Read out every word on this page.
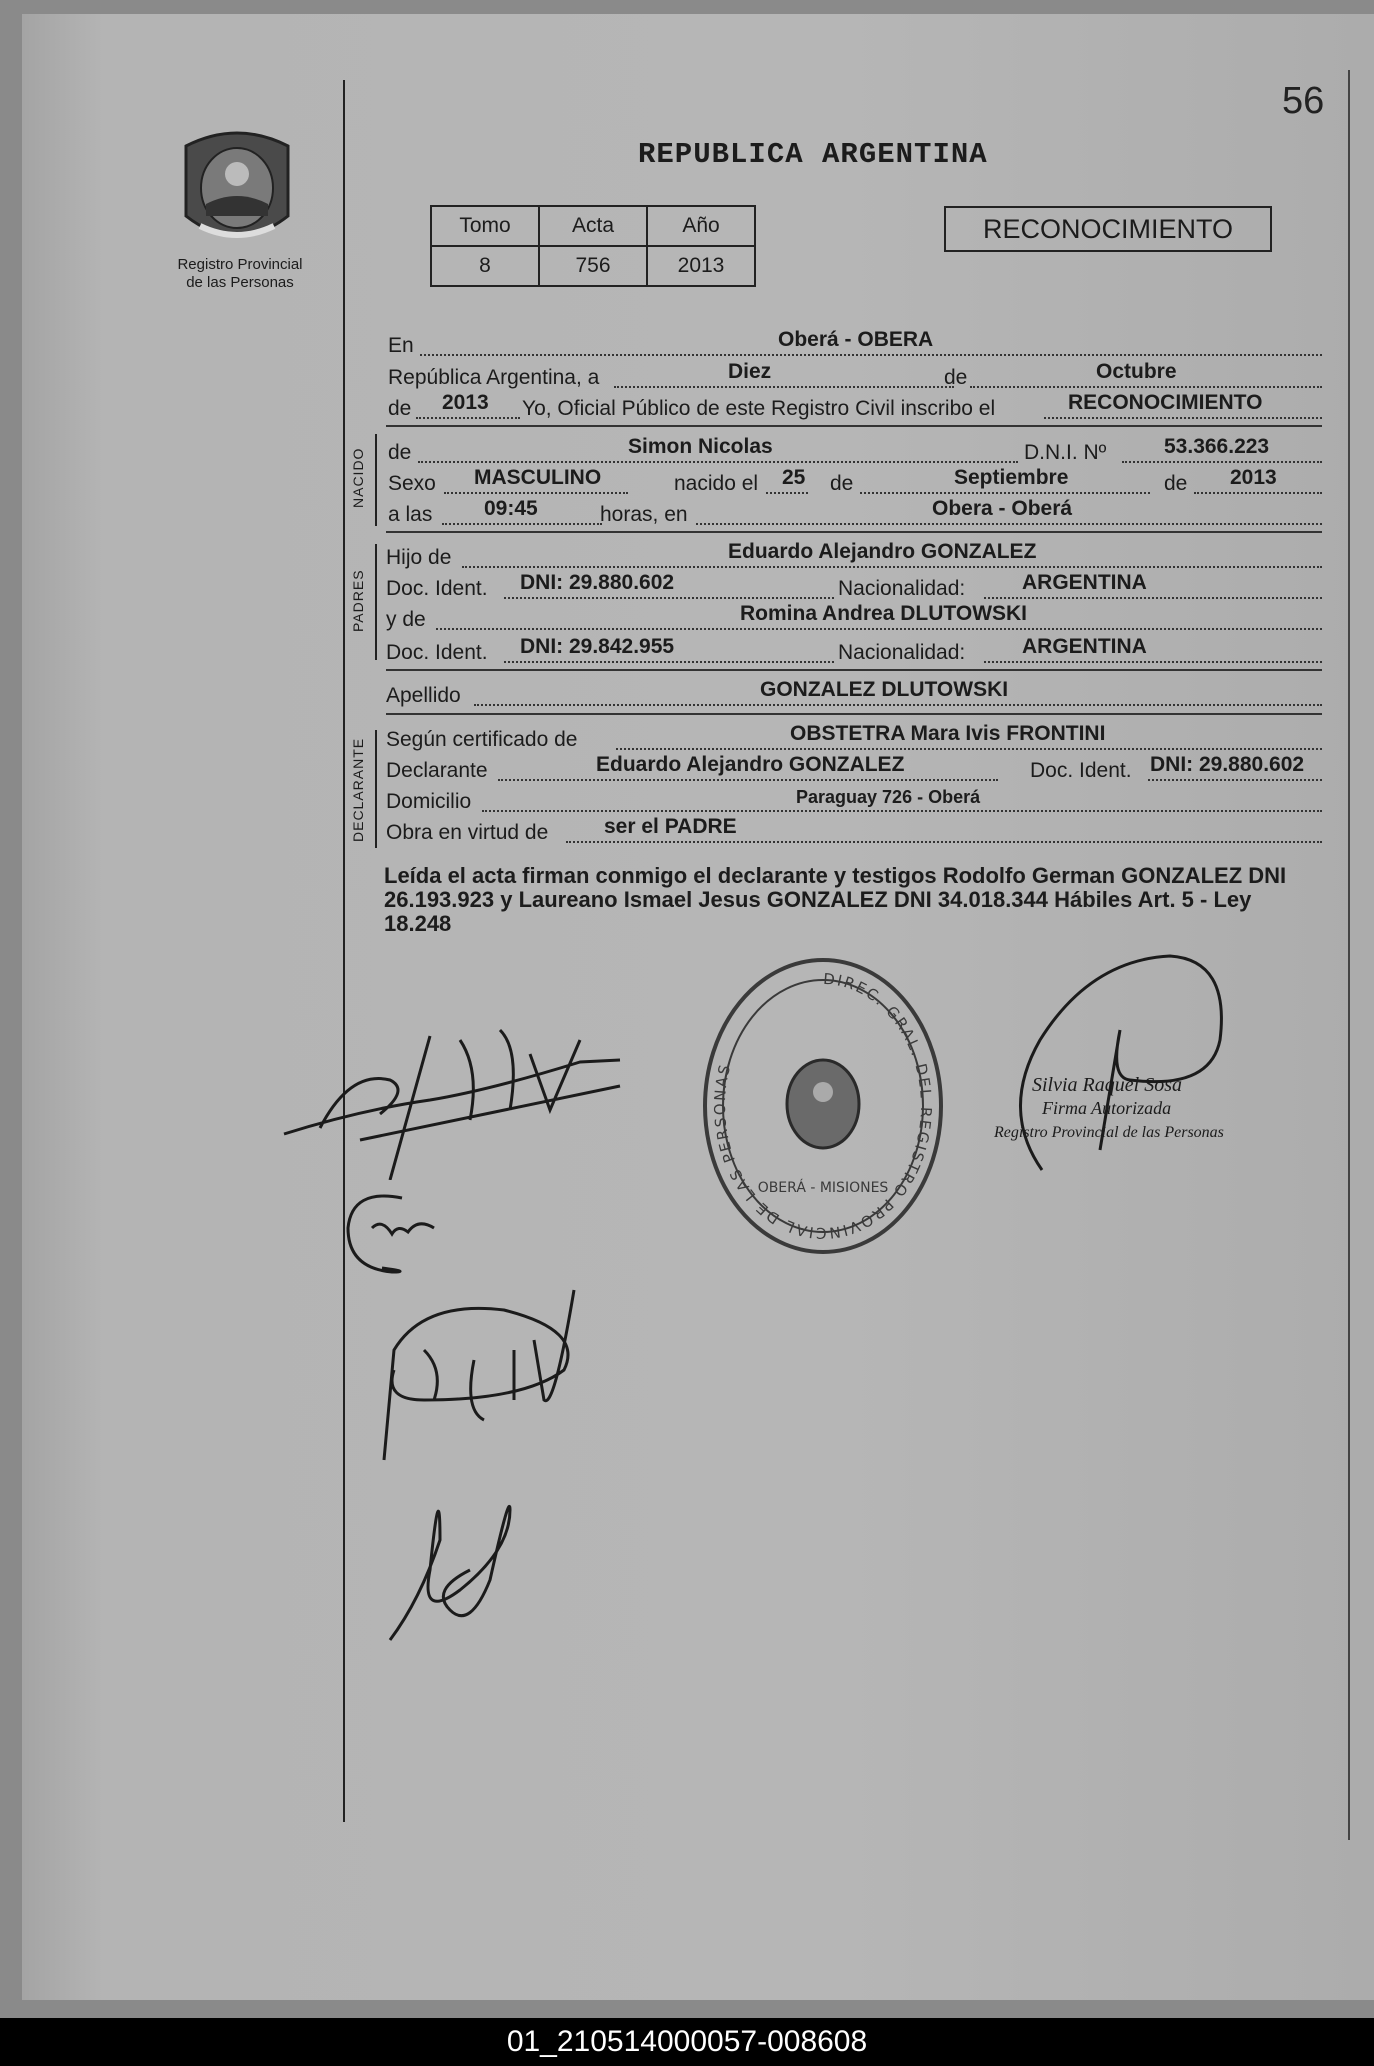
56
Registro Provincial
de las Personas
REPUBLICA ARGENTINA
Tomo	Acta	Año
8	756	2013
RECONOCIMIENTO
En	Oberá - OBERA
República Argentina, a	Diez	de	Octubre
de 2013 Yo, Oficial Público de este Registro Civil inscribo el	RECONOCIMIENTO
NACIDO de	Simon Nicolas	D.N.I. Nº	53.366.223
Sexo MASCULINO	nacido el 25 de	Septiembre	de 2013
a las 09:45	horas, en	Obera - Oberá
PADRES
Hijo de	Eduardo Alejandro GONZALEZ
Doc. Ident. DNI: 29.880.602	Nacionalidad:	ARGENTINA
y de	Romina Andrea DLUTOWSKI
Doc. Ident. DNI: 29.842.955	Nacionalidad:	ARGENTINA
Apellido	GONZALEZ DLUTOWSKI
DECLARANTE Según certificado de	OBSTETRA Mara Ivis FRONTINI
Declarante	Eduardo Alejandro GONZALEZ	Doc. Ident. DNI: 29.880.602
Domicilio	Paraguay 726 - Oberá
Obra en virtud de	ser el PADRE
Leída el acta firman conmigo el declarante y testigos Rodolfo German GONZALEZ DNI 26.193.923 y Laureano Ismael Jesus GONZALEZ DNI 34.018.344 Hábiles Art. 5 - Ley 18.248
DIREC. GRAL. DEL REGISTRO PROVINCIAL DE LAS PERSONAS
OBERÁ - MISIONES
Silvia Raquel Sosa
Firma Autorizada
Registro Provincial de las Personas
01_210514000057-008608
